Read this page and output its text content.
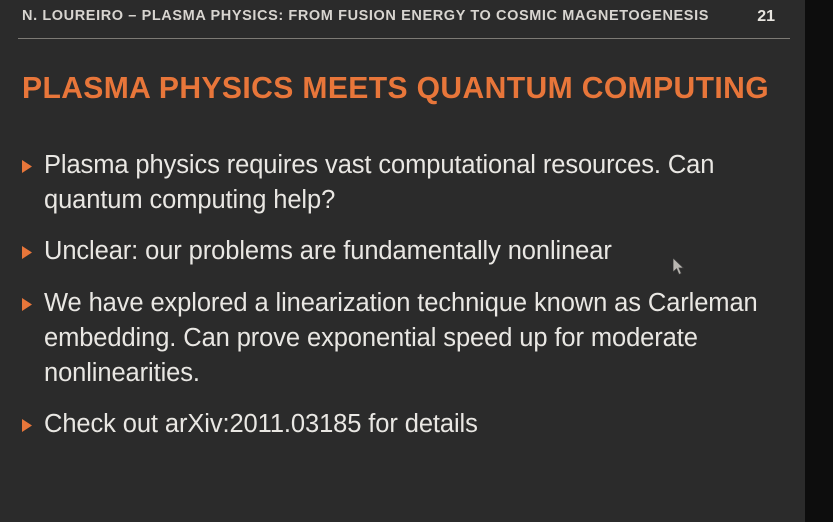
N. LOUREIRO – PLASMA PHYSICS: FROM FUSION ENERGY TO COSMIC MAGNETOGENESIS	21
PLASMA PHYSICS MEETS QUANTUM COMPUTING
Plasma physics requires vast computational resources. Can quantum computing help?
Unclear: our problems are fundamentally nonlinear
We have explored a linearization technique known as Carleman embedding. Can prove exponential speed up for moderate nonlinearities.
Check out arXiv:2011.03185 for details
